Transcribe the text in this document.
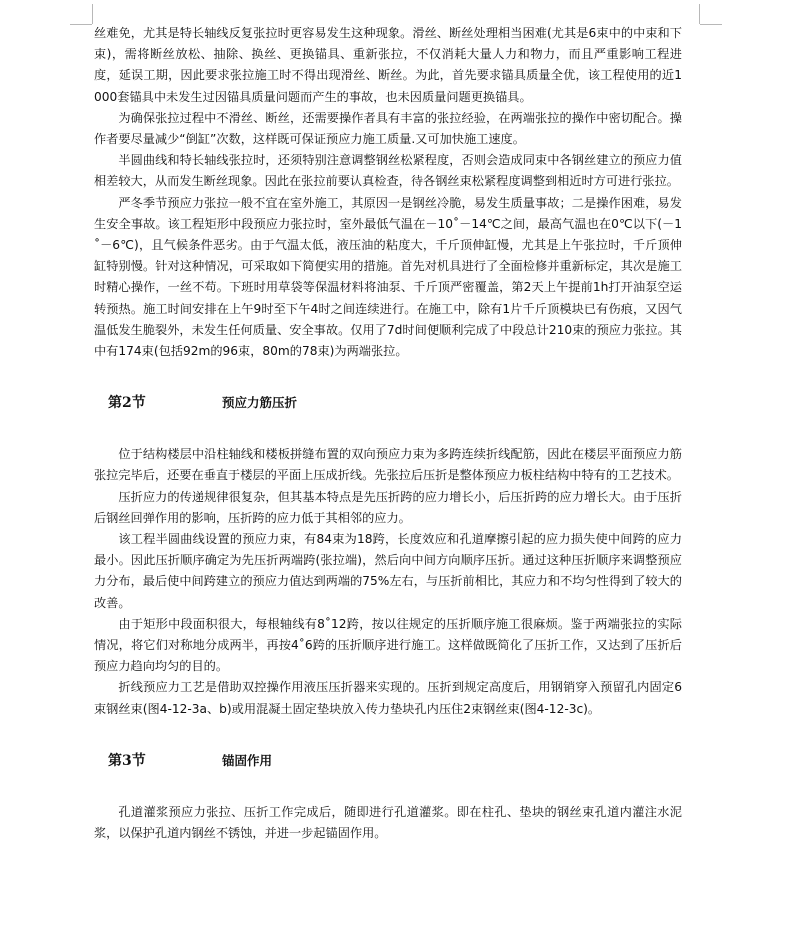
丝难免，尤其是特长轴线反复张拉时更容易发生这种现象。滑丝、断丝处理相当困难(尤其是6束中的中束和下束)，需将断丝放松、抽除、换丝、更换锚具、重新张拉，不仅消耗大量人力和物力，而且严重影响工程进度，延误工期，因此要求张拉施工时不得出现滑丝、断丝。为此，首先要求锚具质量全优，该工程使用的近1000套锚具中未发生过因锚具质量问题而产生的事故，也未因质量问题更换锚具。

为确保张拉过程中不滑丝、断丝，还需要操作者具有丰富的张拉经验，在两端张拉的操作中密切配合。操作者要尽量减少“倒缸”次数，这样既可保证预应力施工质量.又可加快施工速度。

半圆曲线和特长轴线张拉时，还须特别注意调整钢丝松紧程度，否则会造成同束中各钢丝建立的预应力值相差较大，从而发生断丝现象。因此在张拉前要认真检查，待各钢丝束松紧程度调整到相近时方可进行张拉。

严冬季节预应力张拉一般不宜在室外施工，其原因一是钢丝冷脆，易发生质量事故；二是操作困难，易发生安全事故。该工程矩形中段预应力张拉时，室外最低气温在－10˚－14℃之间，最高气温也在0℃以下(－1˚－6℃)，且气候条件恶劣。由于气温太低，液压油的粘度大，千斤顶伸缸慢，尤其是上午张拉时，千斤顶伸缸特别慢。针对这种情况，可采取如下简便实用的措施。首先对机具进行了全面检修并重新标定，其次是施工时精心操作，一丝不苟。下班时用草袋等保温材料将油泵、千斤顶严密覆盖，第2天上午提前1h打开油泵空运转预热。施工时间安排在上午9时至下午4时之间连续进行。在施工中，除有1片千斤顶模块已有伤痕，又因气温低发生脆裂外，未发生任何质量、安全事故。仅用了7d时间便顺利完成了中段总计210束的预应力张拉。其中有174束(包括92m的96束，80m的78束)为两端张拉。

第2节	预应力筋压折

位于结构楼层中沿柱轴线和楼板拼缝布置的双向预应力束为多跨连续折线配筋，因此在楼层平面预应力筋张拉完毕后，还要在垂直于楼层的平面上压成折线。先张拉后压折是整体预应力板柱结构中特有的工艺技术。

压折应力的传递规律很复杂，但其基本特点是先压折跨的应力增长小，后压折跨的应力增长大。由于压折后钢丝回弹作用的影响，压折跨的应力低于其相邻的应力。

该工程半圆曲线设置的预应力束，有84束为18跨，长度效应和孔道摩擦引起的应力损失使中间跨的应力最小。因此压折顺序确定为先压折两端跨(张拉端)，然后向中间方向顺序压折。通过这种压折顺序来调整预应力分布，最后使中间跨建立的预应力值达到两端的75%左右，与压折前相比，其应力和不均匀性得到了较大的改善。

由于矩形中段面积很大，每根轴线有8˚12跨，按以往规定的压折顺序施工很麻烦。鉴于两端张拉的实际情况，将它们对称地分成两半，再按4˚6跨的压折顺序进行施工。这样做既简化了压折工作，又达到了压折后预应力趋向均匀的目的。

折线预应力工艺是借助双控操作用液压压折器来实现的。压折到规定高度后，用钢销穿入预留孔内固定6束钢丝束(图4-12-3a、b)或用混凝土固定垫块放入传力垫块孔内压住2束钢丝束(图4-12-3c)。

第3节	锚固作用

孔道灌浆预应力张拉、压折工作完成后，随即进行孔道灌浆。即在柱孔、垫块的钢丝束孔道内灌注水泥浆，以保护孔道内钢丝不锈蚀，并进一步起锚固作用。
